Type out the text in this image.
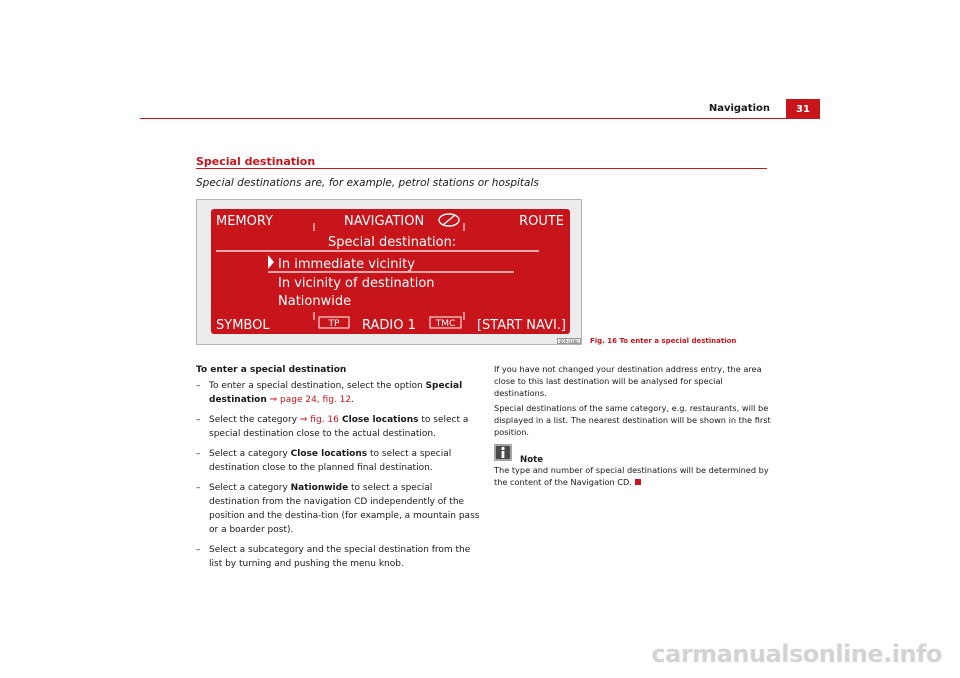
Navigation	31
Special destination
Special destinations are, for example, petrol stations or hospitals
MEMORY	NAVIGATION	ROUTE
Special destination:
In immediate vicinity
In vicinity of destination
Nationwide
SYMBOL	TP RADIO 1 TMC [START NAVI.]
B5P-0380	Fig. 16 To enter a special destination
To enter a special destination
– To enter a special destination, select the option Special destination ⇒ page 24, fig. 12.
– Select the category ⇒ fig. 16 Close locations to select a special destination close to the actual destination.
– Select a category Close locations to select a special destination close to the planned final destination.
– Select a category Nationwide to select a special destination from the navigation CD independently of the position and the destina-tion (for example, a mountain pass or a boarder post).
– Select a subcategory and the special destination from the list by turning and pushing the menu knob.

If you have not changed your destination address entry, the area close to this last destination will be analysed for special destinations.

Special destinations of the same category, e.g. restaurants, will be displayed in a list. The nearest destination will be shown in the first position.

Note

The type and number of special destinations will be determined by the content of the Navigation CD.

carmanualsonline.info
